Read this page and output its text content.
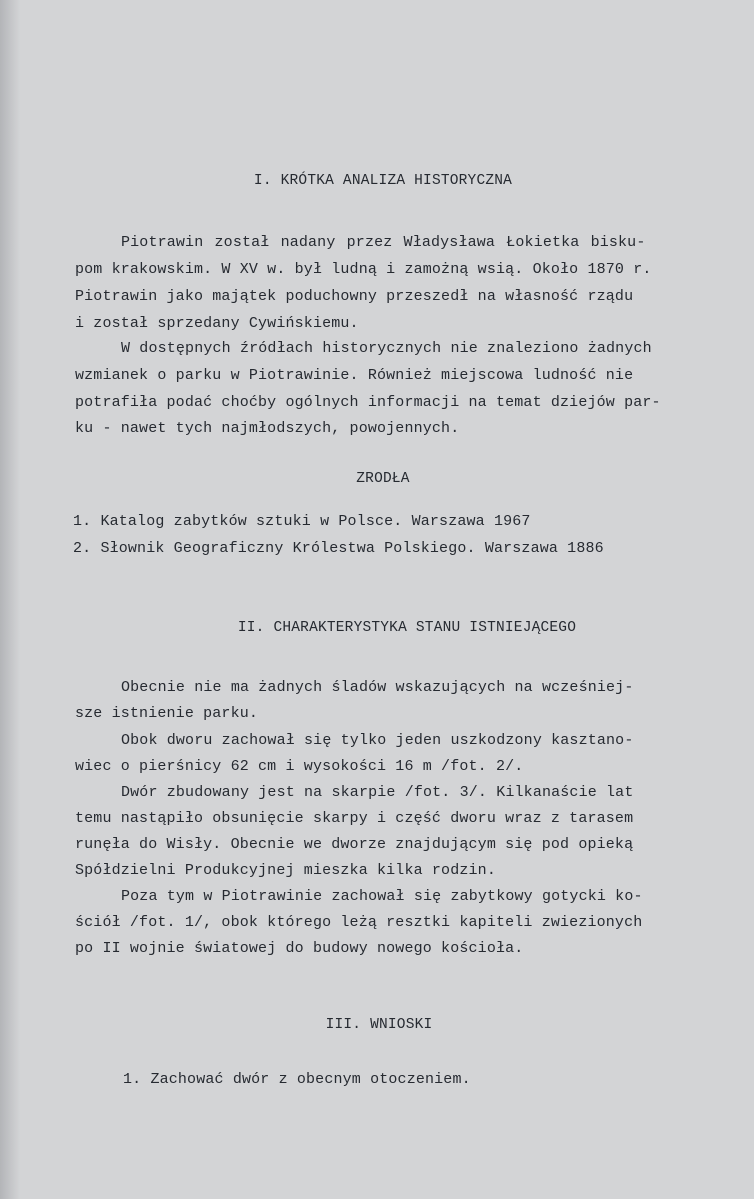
I. KRÓTKA ANALIZA HISTORYCZNA
Piotrawin został nadany przez Władysława Łokietka bisku-
pom krakowskim. W XV w. był ludną i zamożną wsią. Około 1870 r.
Piotrawin jako majątek poduchowny przeszedł na własność rządu
i został sprzedany Cywińskiemu.
W dostępnych źródłach historycznych nie znaleziono żadnych
wzmianek o parku w Piotrawinie. Również miejscowa ludność nie
potrafiła podać choćby ogólnych informacji na temat dziejów par-
ku - nawet tych najmłodszych, powojennych.
ZRODŁA
1. Katalog zabytków sztuki w Polsce. Warszawa 1967
2. Słownik Geograficzny Królestwa Polskiego. Warszawa 1886
II. CHARAKTERYSTYKA STANU ISTNIEJĄCEGO
Obecnie nie ma żadnych śladów wskazujących na wcześniej-
sze istnienie parku.
Obok dworu zachował się tylko jeden uszkodzony kasztano-
wiec o pierśnicy 62 cm i wysokości 16 m /fot. 2/.
Dwór zbudowany jest na skarpie /fot. 3/. Kilkanaście lat
temu nastąpiło obsunięcie skarpy i część dworu wraz z tarasem
runęła do Wisły. Obecnie we dworze znajdującym się pod opieką
Spółdzielni Produkcyjnej mieszka kilka rodzin.
Poza tym w Piotrawinie zachował się zabytkowy gotycki ko-
ściół /fot. 1/, obok którego leżą resztki kapiteli zwiezionych
po II wojnie światowej do budowy nowego kościoła.
III. WNIOSKI
1. Zachować dwór z obecnym otoczeniem.
